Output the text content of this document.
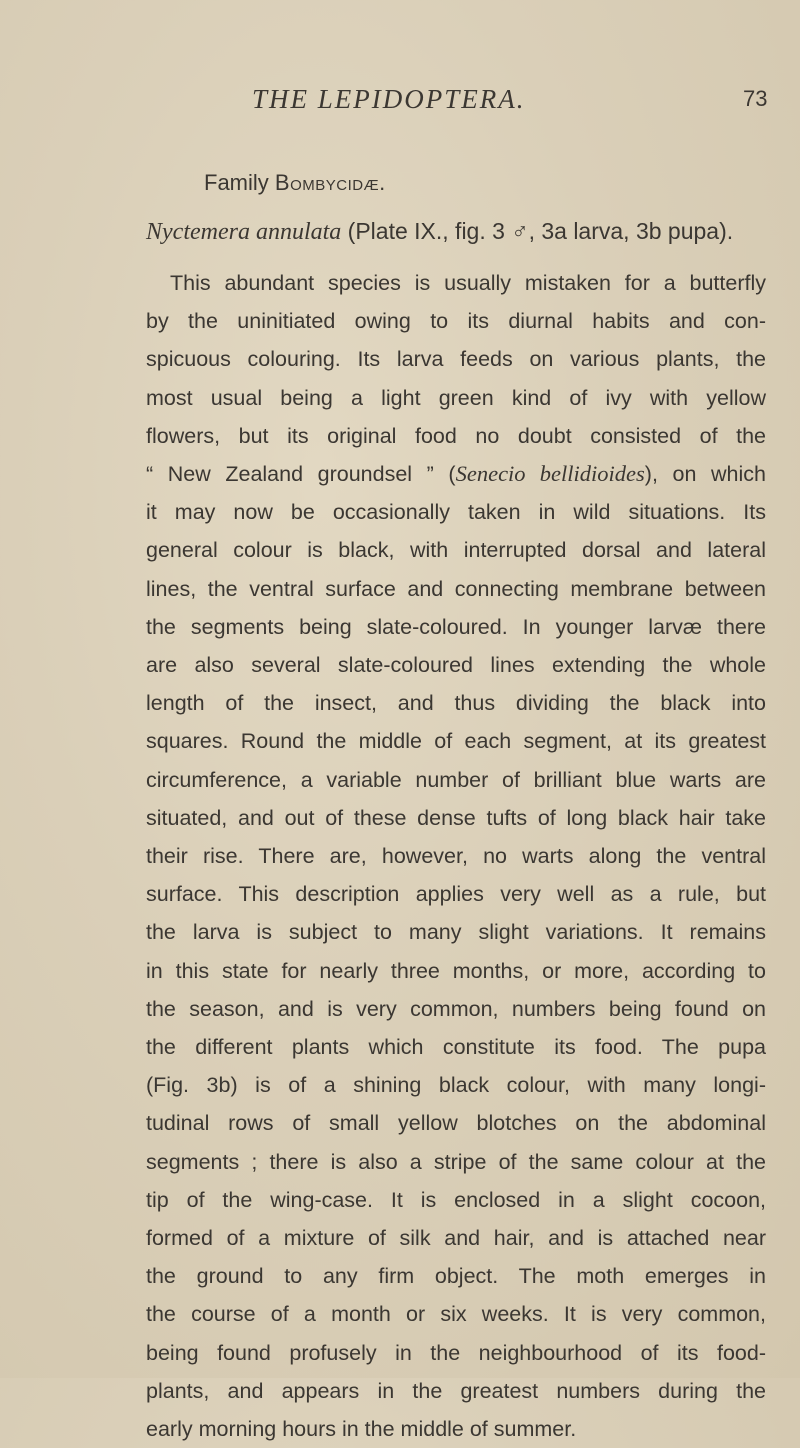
THE LEPIDOPTERA.	73
Family Bombycidæ.
Nyctemera annulata (Plate IX., fig. 3 ♂, 3a larva, 3b pupa).
This abundant species is usually mistaken for a butterfly
by the uninitiated owing to its diurnal habits and con-
spicuous colouring. Its larva feeds on various plants, the
most usual being a light green kind of ivy with yellow
flowers, but its original food no doubt consisted of the
“ New Zealand groundsel ” (Senecio bellidioides), on which
it may now be occasionally taken in wild situations. Its
general colour is black, with interrupted dorsal and lateral
lines, the ventral surface and connecting membrane between
the segments being slate-coloured. In younger larvæ there
are also several slate-coloured lines extending the whole
length of the insect, and thus dividing the black into
squares. Round the middle of each segment, at its greatest
circumference, a variable number of brilliant blue warts are
situated, and out of these dense tufts of long black hair take
their rise. There are, however, no warts along the ventral
surface. This description applies very well as a rule, but
the larva is subject to many slight variations. It remains
in this state for nearly three months, or more, according to
the season, and is very common, numbers being found on
the different plants which constitute its food. The pupa
(Fig. 3b) is of a shining black colour, with many longi-
tudinal rows of small yellow blotches on the abdominal
segments ; there is also a stripe of the same colour at the
tip of the wing-case. It is enclosed in a slight cocoon,
formed of a mixture of silk and hair, and is attached near
the ground to any firm object. The moth emerges in
the course of a month or six weeks. It is very common,
being found profusely in the neighbourhood of its food-
plants, and appears in the greatest numbers during the
early morning hours in the middle of summer.
